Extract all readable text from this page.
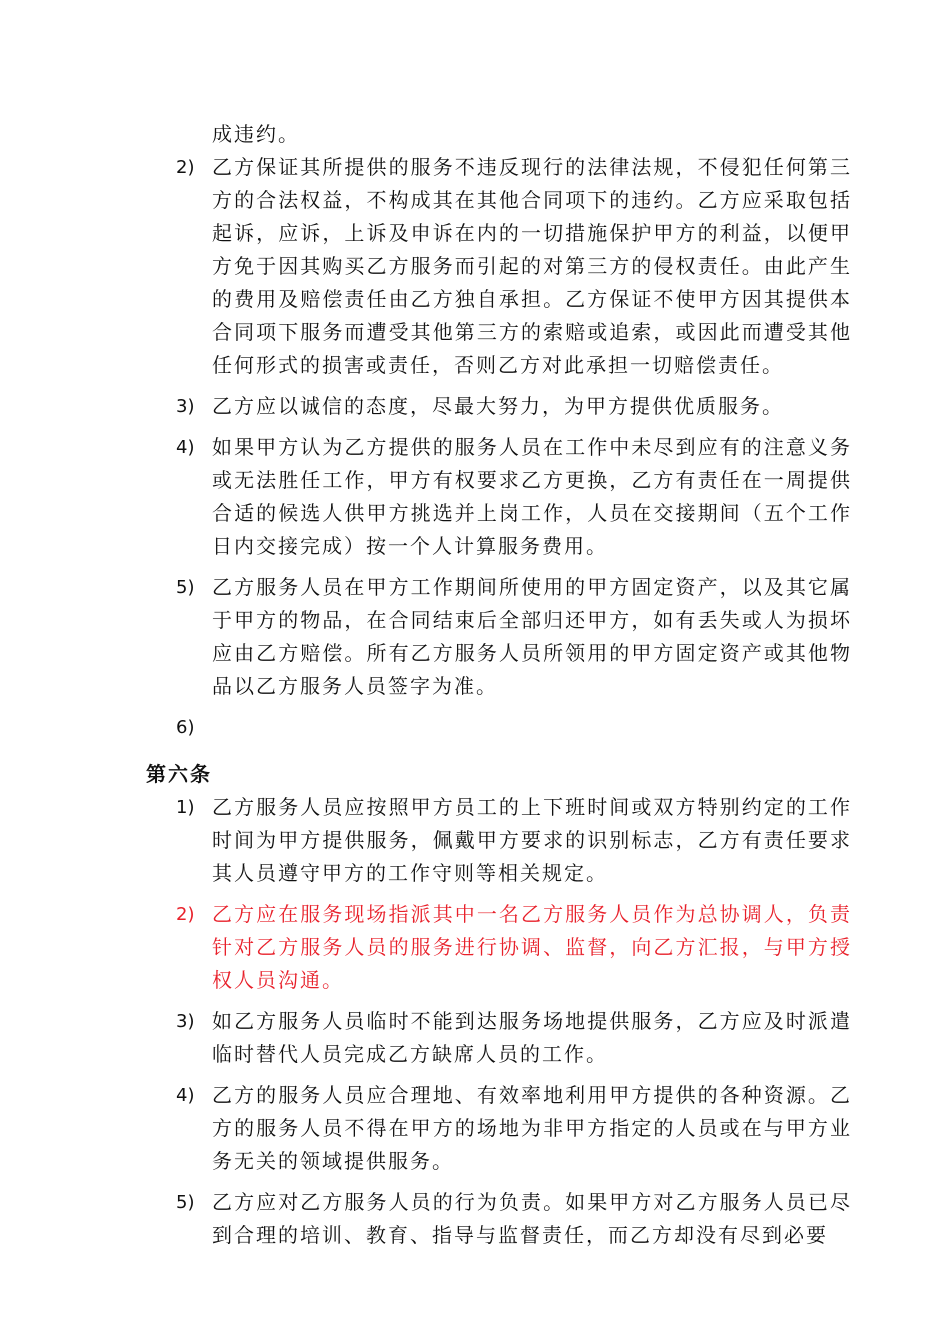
成违约。

2) 乙方保证其所提供的服务不违反现行的法律法规，不侵犯任何第三方的合法权益，不构成其在其他合同项下的违约。乙方应采取包括起诉，应诉，上诉及申诉在内的一切措施保护甲方的利益，以便甲方免于因其购买乙方服务而引起的对第三方的侵权责任。由此产生的费用及赔偿责任由乙方独自承担。乙方保证不使甲方因其提供本合同项下服务而遭受其他第三方的索赔或追索，或因此而遭受其他任何形式的损害或责任，否则乙方对此承担一切赔偿责任。
3) 乙方应以诚信的态度，尽最大努力，为甲方提供优质服务。
4) 如果甲方认为乙方提供的服务人员在工作中未尽到应有的注意义务或无法胜任工作，甲方有权要求乙方更换，乙方有责任在一周提供合适的候选人供甲方挑选并上岗工作，人员在交接期间（五个工作日内交接完成）按一个人计算服务费用。
5) 乙方服务人员在甲方工作期间所使用的甲方固定资产，以及其它属于甲方的物品，在合同结束后全部归还甲方，如有丢失或人为损坏应由乙方赔偿。所有乙方服务人员所领用的甲方固定资产或其他物品以乙方服务人员签字为准。
6)
第六条
1) 乙方服务人员应按照甲方员工的上下班时间或双方特别约定的工作时间为甲方提供服务，佩戴甲方要求的识别标志，乙方有责任要求其人员遵守甲方的工作守则等相关规定。
2) 乙方应在服务现场指派其中一名乙方服务人员作为总协调人，负责针对乙方服务人员的服务进行协调、监督，向乙方汇报，与甲方授权人员沟通。
3) 如乙方服务人员临时不能到达服务场地提供服务，乙方应及时派遣临时替代人员完成乙方缺席人员的工作。
4) 乙方的服务人员应合理地、有效率地利用甲方提供的各种资源。乙方的服务人员不得在甲方的场地为非甲方指定的人员或在与甲方业务无关的领域提供服务。
5) 乙方应对乙方服务人员的行为负责。如果甲方对乙方服务人员已尽到合理的培训、教育、指导与监督责任，而乙方却没有尽到必要
